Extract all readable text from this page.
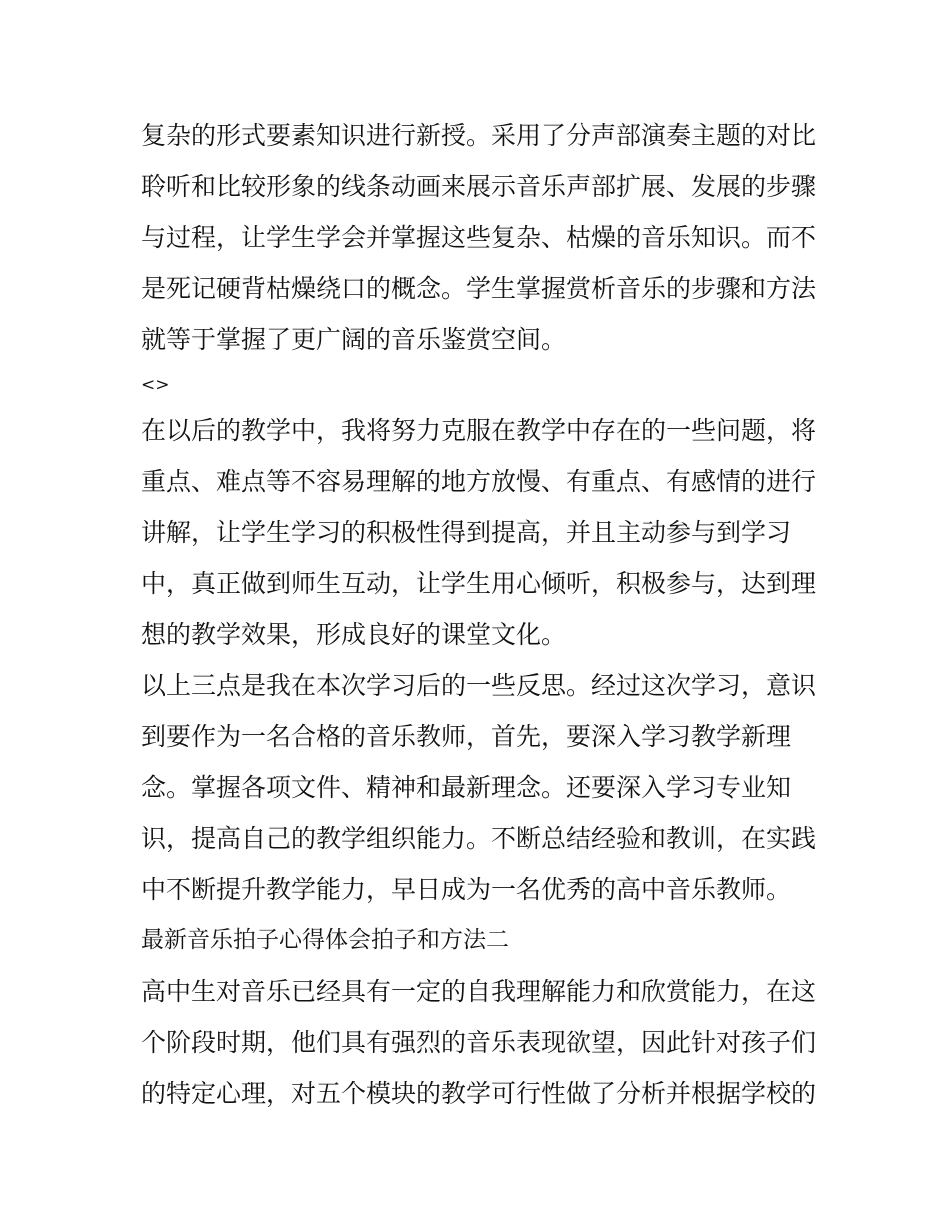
复杂的形式要素知识进行新授。采用了分声部演奏主题的对比
聆听和比较形象的线条动画来展示音乐声部扩展、发展的步骤
与过程，让学生学会并掌握这些复杂、枯燥的音乐知识。而不
是死记硬背枯燥绕口的概念。学生掌握赏析音乐的步骤和方法
就等于掌握了更广阔的音乐鉴赏空间。
<>
在以后的教学中，我将努力克服在教学中存在的一些问题，将
重点、难点等不容易理解的地方放慢、有重点、有感情的进行
讲解，让学生学习的积极性得到提高，并且主动参与到学习
中，真正做到师生互动，让学生用心倾听，积极参与，达到理
想的教学效果，形成良好的课堂文化。
以上三点是我在本次学习后的一些反思。经过这次学习，意识
到要作为一名合格的音乐教师，首先，要深入学习教学新理
念。掌握各项文件、精神和最新理念。还要深入学习专业知
识，提高自己的教学组织能力。不断总结经验和教训，在实践
中不断提升教学能力，早日成为一名优秀的高中音乐教师。
最新音乐拍子心得体会拍子和方法二
高中生对音乐已经具有一定的自我理解能力和欣赏能力，在这
个阶段时期，他们具有强烈的音乐表现欲望，因此针对孩子们
的特定心理，对五个模块的教学可行性做了分析并根据学校的
